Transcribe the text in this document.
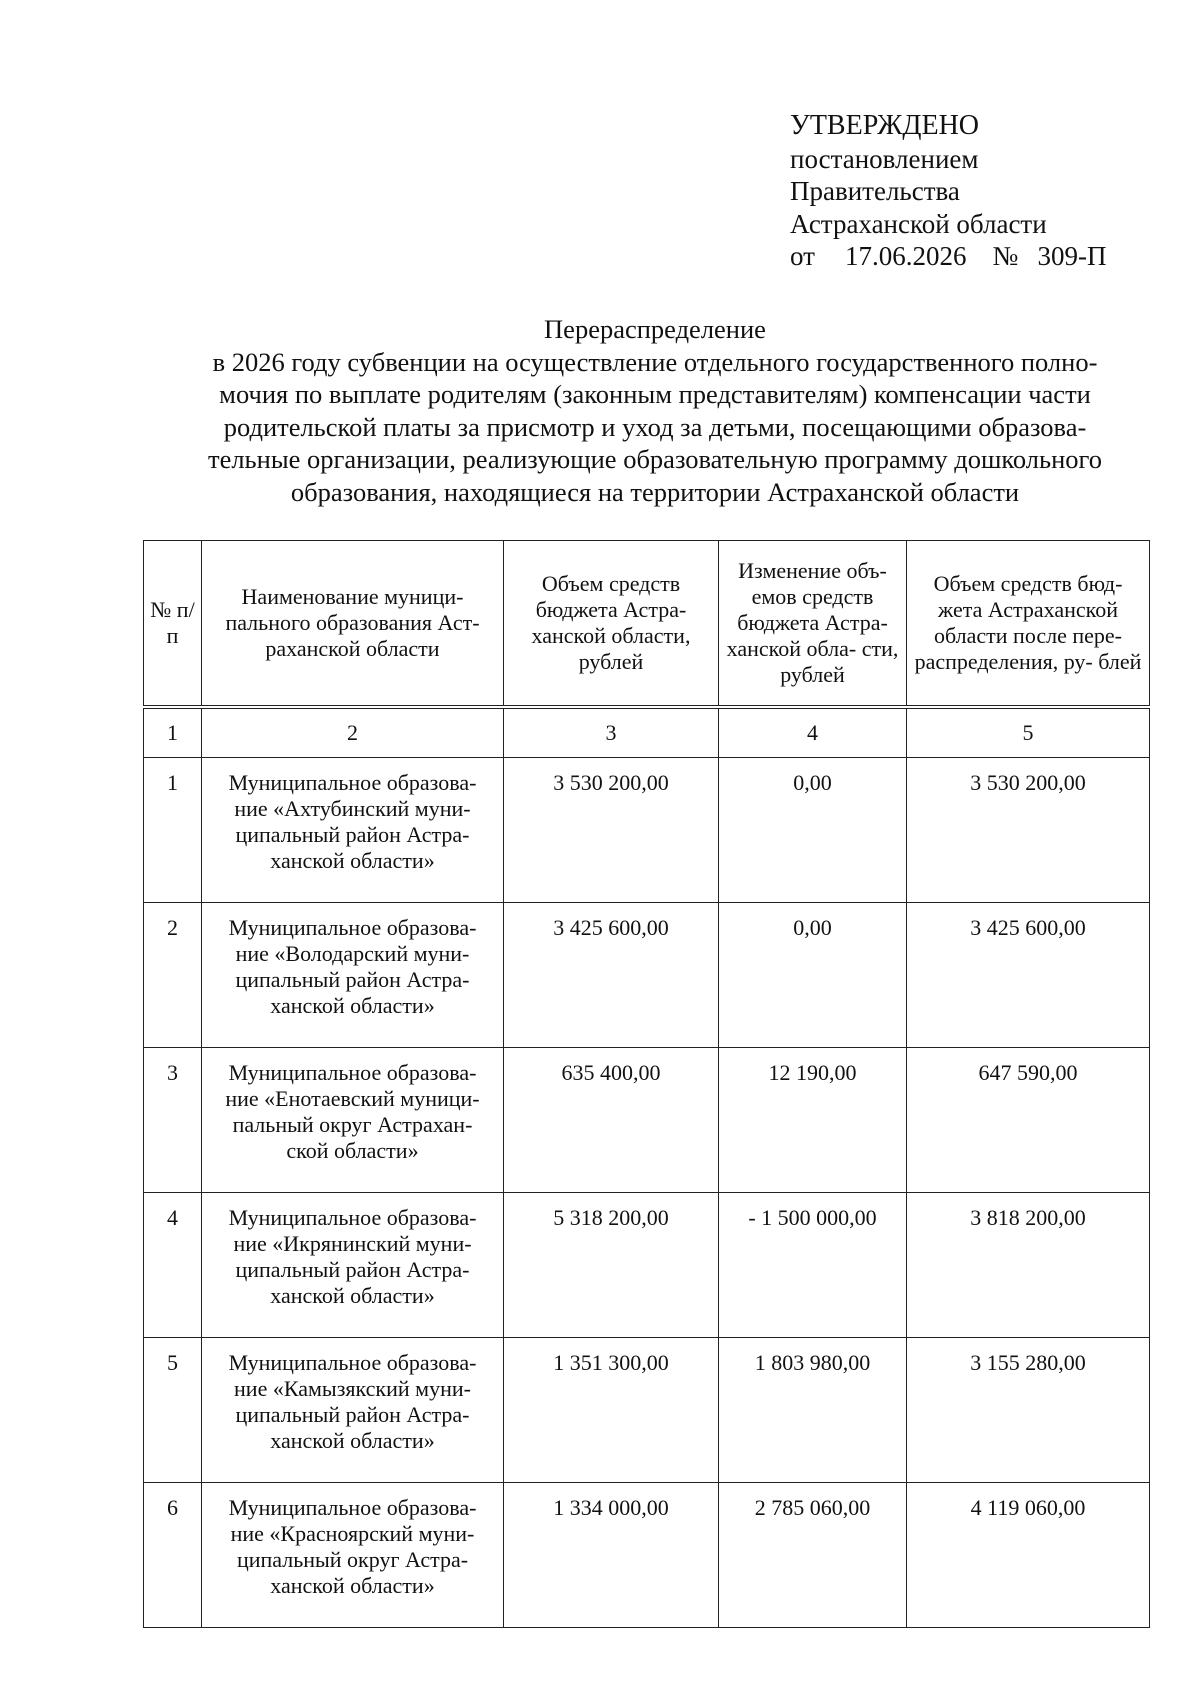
УТВЕРЖДЕНО
постановлением
Правительства
Астраханской области
от 17.06.2026 № 309-П
Перераспределение
в 2026 году субвенции на осуществление отдельного государственного полно-
мочия по выплате родителям (законным представителям) компенсации части
родительской платы за присмотр и уход за детьми, посещающими образова-
тельные организации, реализующие образовательную программу дошкольного
образования, находящиеся на территории Астраханской области
№ п/п	Наименование муници- пального образования Аст- раханской области	Объем средств бюджета Астра- ханской области, рублей	Изменение объ- емов средств бюджета Астра- ханской обла- сти, рублей	Объем средств бюд- жета Астраханской области после пере- распределения, ру- блей

1	2	3	4	5
1	Муниципальное образова-
ние «Ахтубинский муни-
ципальный район Астра-
ханской области»	3 530 200,00	0,00	3 530 200,00
2	Муниципальное образова-
ние «Володарский муни-
ципальный район Астра-
ханской области»	3 425 600,00	0,00	3 425 600,00
3	Муниципальное образова-
ние «Енотаевский муници-
пальный округ Астрахан-
ской области»	635 400,00	12 190,00	647 590,00
4	Муниципальное образова-
ние «Икрянинский муни-
ципальный район Астра-
ханской области»	5 318 200,00	- 1 500 000,00	3 818 200,00
5	Муниципальное образова-
ние «Камызякский муни-
ципальный район Астра-
ханской области»	1 351 300,00	1 803 980,00	3 155 280,00
6	Муниципальное образова-
ние «Красноярский муни-
ципальный округ Астра-
ханской области»	1 334 000,00	2 785 060,00	4 119 060,00
